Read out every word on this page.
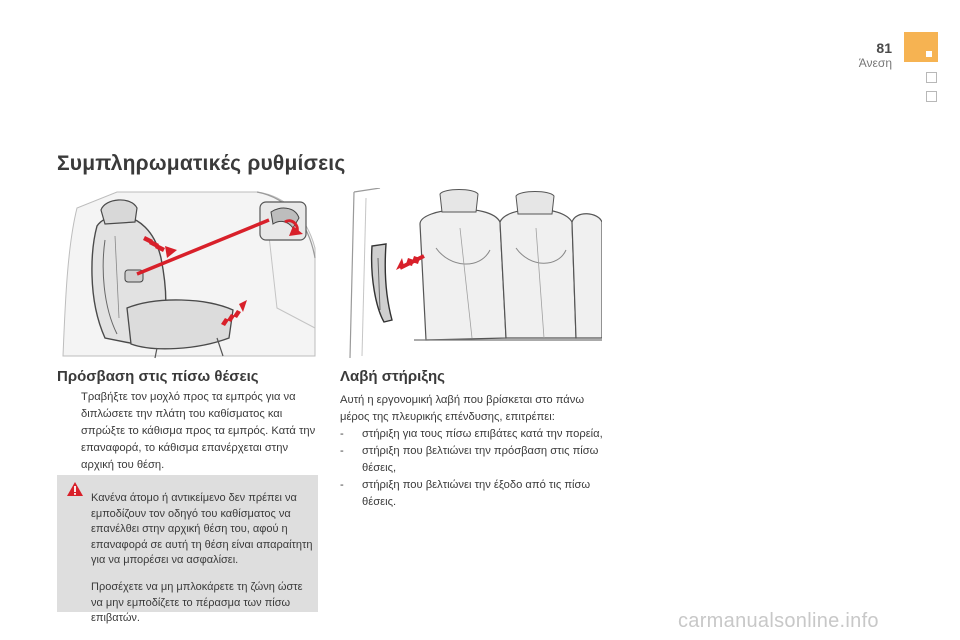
81
Άνεση
Συμπληρωματικές ρυθμίσεις
Πρόσβαση στις πίσω θέσεις
Τραβήξτε τον μοχλό προς τα εμπρός για να διπλώσετε την πλάτη του καθίσματος και σπρώξτε το κάθισμα προς τα εμπρός. Κατά την επαναφορά, το κάθισμα επανέρχεται στην αρχική του θέση.

Κανένα άτομο ή αντικείμενο δεν πρέπει να εμποδίζουν τον οδηγό του καθίσματος να επανέλθει στην αρχική θέση του, αφού η επαναφορά σε αυτή τη θέση είναι απαραίτητη για να μπορέσει να ασφαλίσει.

Προσέχετε να μη μπλοκάρετε τη ζώνη ώστε να μην εμποδίζετε το πέρασμα των πίσω επιβατών.

Λαβή στήριξης

Αυτή η εργονομική λαβή που βρίσκεται στο πάνω μέρος της πλευρικής επένδυσης, επιτρέπει:

- στήριξη για τους πίσω επιβάτες κατά την πορεία,
- στήριξη που βελτιώνει την πρόσβαση στις πίσω θέσεις,
- στήριξη που βελτιώνει την έξοδο από τις πίσω θέσεις.
carmanualsonline.info
